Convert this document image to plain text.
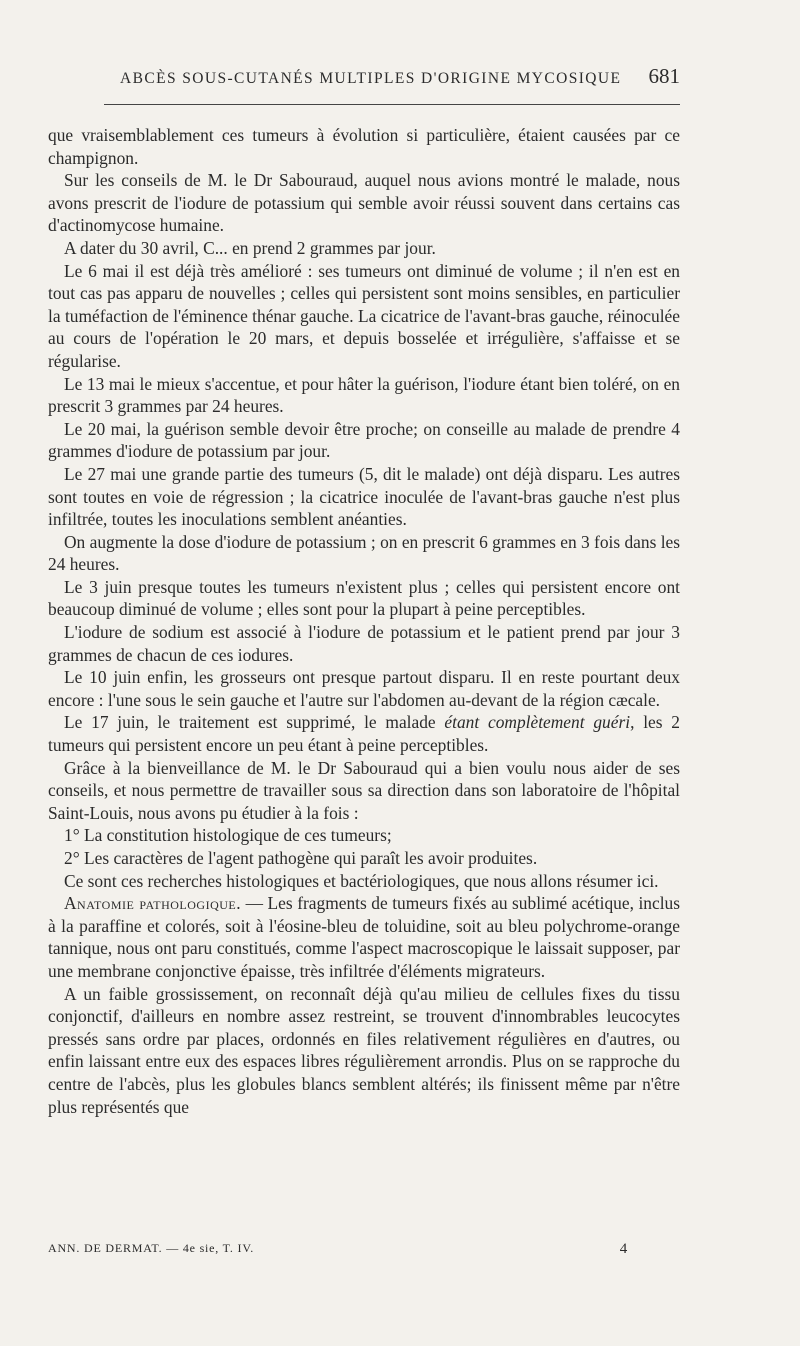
ABCÈS SOUS-CUTANÉS MULTIPLES D'ORIGINE MYCOSIQUE 681

que vraisemblablement ces tumeurs à évolution si particulière, étaient causées par ce champignon.

Sur les conseils de M. le Dr Sabouraud, auquel nous avions montré le malade, nous avons prescrit de l'iodure de potassium qui semble avoir réussi souvent dans certains cas d'actinomycose humaine.

A dater du 30 avril, C... en prend 2 grammes par jour.

Le 6 mai il est déjà très amélioré : ses tumeurs ont diminué de volume ; il n'en est en tout cas pas apparu de nouvelles ; celles qui persistent sont moins sensibles, en particulier la tuméfaction de l'éminence thénar gauche. La cicatrice de l'avant-bras gauche, réinoculée au cours de l'opération le 20 mars, et depuis bosselée et irrégulière, s'affaisse et se régularise.

Le 13 mai le mieux s'accentue, et pour hâter la guérison, l'iodure étant bien toléré, on en prescrit 3 grammes par 24 heures.

Le 20 mai, la guérison semble devoir être proche; on conseille au malade de prendre 4 grammes d'iodure de potassium par jour.

Le 27 mai une grande partie des tumeurs (5, dit le malade) ont déjà disparu. Les autres sont toutes en voie de régression ; la cicatrice inoculée de l'avant-bras gauche n'est plus infiltrée, toutes les inoculations semblent anéanties.

On augmente la dose d'iodure de potassium ; on en prescrit 6 grammes en 3 fois dans les 24 heures.

Le 3 juin presque toutes les tumeurs n'existent plus ; celles qui persistent encore ont beaucoup diminué de volume ; elles sont pour la plupart à peine perceptibles.

L'iodure de sodium est associé à l'iodure de potassium et le patient prend par jour 3 grammes de chacun de ces iodures.

Le 10 juin enfin, les grosseurs ont presque partout disparu. Il en reste pourtant deux encore : l'une sous le sein gauche et l'autre sur l'abdomen au-devant de la région cæcale.

Le 17 juin, le traitement est supprimé, le malade étant complètement guéri, les 2 tumeurs qui persistent encore un peu étant à peine perceptibles.

Grâce à la bienveillance de M. le Dr Sabouraud qui a bien voulu nous aider de ses conseils, et nous permettre de travailler sous sa direction dans son laboratoire de l'hôpital Saint-Louis, nous avons pu étudier à la fois :

1° La constitution histologique de ces tumeurs;

2° Les caractères de l'agent pathogène qui paraît les avoir produites.

Ce sont ces recherches histologiques et bactériologiques, que nous allons résumer ici.

Anatomie pathologique. — Les fragments de tumeurs fixés au sublimé acétique, inclus à la paraffine et colorés, soit à l'éosine-bleu de toluidine, soit au bleu polychrome-orange tannique, nous ont paru constitués, comme l'aspect macroscopique le laissait supposer, par une membrane conjonctive épaisse, très infiltrée d'éléments migrateurs.

A un faible grossissement, on reconnaît déjà qu'au milieu de cellules fixes du tissu conjonctif, d'ailleurs en nombre assez restreint, se trouvent d'innombrables leucocytes pressés sans ordre par places, ordonnés en files relativement régulières en d'autres, ou enfin laissant entre eux des espaces libres régulièrement arrondis. Plus on se rapproche du centre de l'abcès, plus les globules blancs semblent altérés; ils finissent même par n'être plus représentés que

ANN. DE DERMAT. — 4e sie, T. IV.	4
